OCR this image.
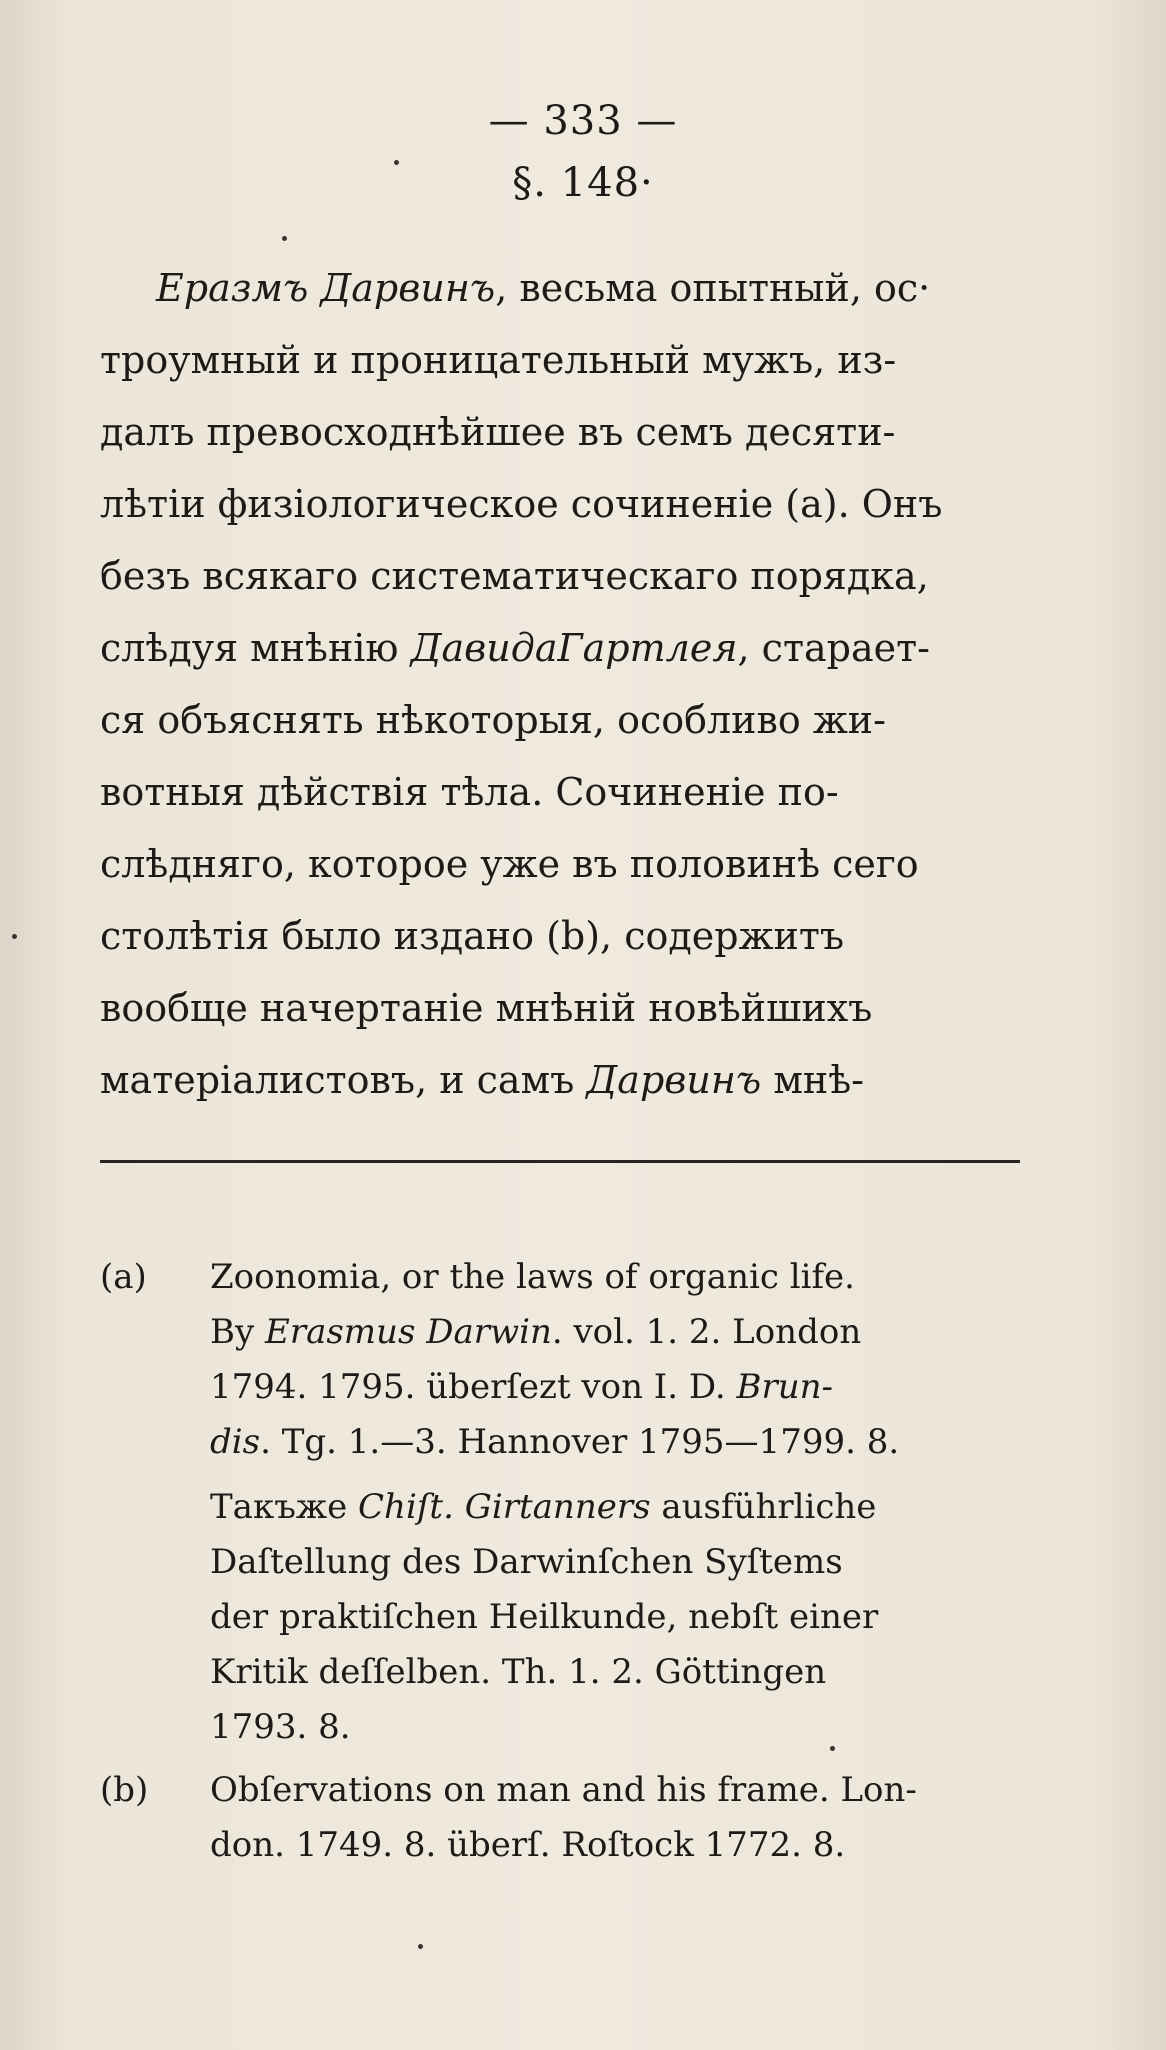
— 333 —
§. 148·
Еразмъ Дарвинъ, весьма опытный, ос·
троумный и проницательный мужъ, из-
далъ превосходнѣйшее въ семъ десяти-
лѣтіи физіологическое сочиненіе (а). Онъ
безъ всякаго систематическаго порядка,
слѣдуя мнѣнію ДавидаГартлея, старает-
ся объяснять нѣкоторыя, особливо жи-
вотныя дѣйствія тѣла. Сочиненіе по-
слѣдняго, которое уже въ половинѣ сего
столѣтія было издано (b), содержитъ
вообще начертаніе мнѣній новѣйшихъ
матеріалистовъ, и самъ Дарвинъ мнѣ-
(a)	Zoonomia, or the laws of organic life.
By Erasmus Darwin. vol. 1. 2. London
1794. 1795. überſezt von I. D. Brun-
dis. Tg. 1.—3. Hannover 1795—1799. 8.
Такъже Chiſt. Girtanners ausführliche
Daſtellung des Darwinſchen Syſtems
der praktiſchen Heilkunde, nebſt einer
Kritik deſſelben. Th. 1. 2. Göttingen
1793. 8.
(b)	Obſervations on man and his frame. Lon-
don. 1749. 8. überſ. Roſtock 1772. 8.
